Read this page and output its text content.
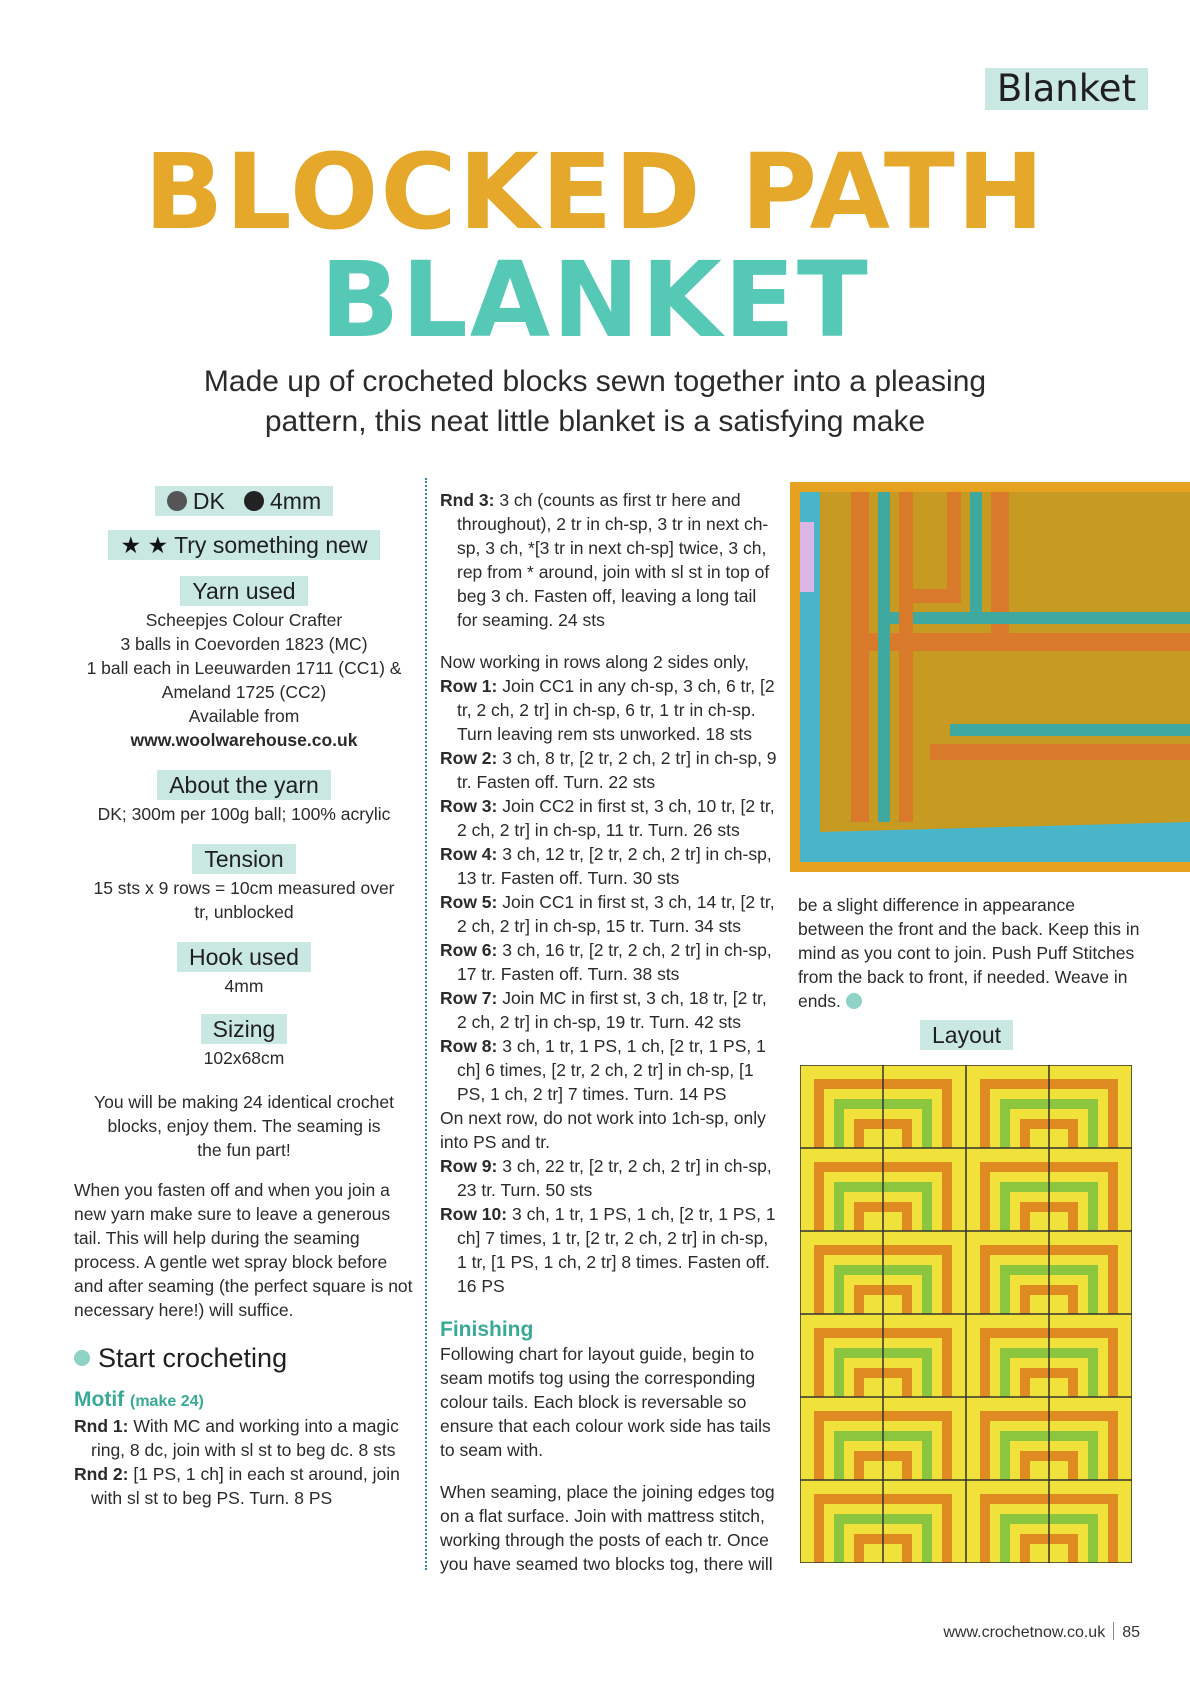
Blanket
BLOCKED PATH
BLANKET
Made up of crocheted blocks sewn together into a pleasing
pattern, this neat little blanket is a satisfying make
DK 4mm
★ ★ Try something new
Yarn used
Scheepjes Colour Crafter
3 balls in Coevorden 1823 (MC)
1 ball each in Leeuwarden 1711 (CC1) &
Ameland 1725 (CC2)
Available from
www.woolwarehouse.co.uk
About the yarn
DK; 300m per 100g ball; 100% acrylic
Tension
15 sts x 9 rows = 10cm measured over
tr, unblocked
Hook used
4mm
Sizing
102x68cm
You will be making 24 identical crochet blocks, enjoy them. The seaming is the fun part!
When you fasten off and when you join a new yarn make sure to leave a generous tail. This will help during the seaming process. A gentle wet spray block before and after seaming (the perfect square is not necessary here!) will suffice.
Start crocheting
Motif (make 24)
Rnd 1: With MC and working into a magic ring, 8 dc, join with sl st to beg dc. 8 sts
Rnd 2: [1 PS, 1 ch] in each st around, join with sl st to beg PS. Turn. 8 PS
Rnd 3: 3 ch (counts as first tr here and throughout), 2 tr in ch-sp, 3 tr in next ch-sp, 3 ch, *[3 tr in next ch-sp] twice, 3 ch, rep from * around, join with sl st in top of beg 3 ch. Fasten off, leaving a long tail for seaming. 24 sts
Now working in rows along 2 sides only,
Row 1: Join CC1 in any ch-sp, 3 ch, 6 tr, [2 tr, 2 ch, 2 tr] in ch-sp, 6 tr, 1 tr in ch-sp. Turn leaving rem sts unworked. 18 sts
Row 2: 3 ch, 8 tr, [2 tr, 2 ch, 2 tr] in ch-sp, 9 tr. Fasten off. Turn. 22 sts
Row 3: Join CC2 in first st, 3 ch, 10 tr, [2 tr, 2 ch, 2 tr] in ch-sp, 11 tr. Turn. 26 sts
Row 4: 3 ch, 12 tr, [2 tr, 2 ch, 2 tr] in ch-sp, 13 tr. Fasten off. Turn. 30 sts
Row 5: Join CC1 in first st, 3 ch, 14 tr, [2 tr, 2 ch, 2 tr] in ch-sp, 15 tr. Turn. 34 sts
Row 6: 3 ch, 16 tr, [2 tr, 2 ch, 2 tr] in ch-sp, 17 tr. Fasten off. Turn. 38 sts
Row 7: Join MC in first st, 3 ch, 18 tr, [2 tr, 2 ch, 2 tr] in ch-sp, 19 tr. Turn. 42 sts
Row 8: 3 ch, 1 tr, 1 PS, 1 ch, [2 tr, 1 PS, 1 ch] 6 times, [2 tr, 2 ch, 2 tr] in ch-sp, [1 PS, 1 ch, 2 tr] 7 times. Turn. 14 PS
On next row, do not work into 1ch-sp, only into PS and tr.
Row 9: 3 ch, 22 tr, [2 tr, 2 ch, 2 tr] in ch-sp, 23 tr. Turn. 50 sts
Row 10: 3 ch, 1 tr, 1 PS, 1 ch, [2 tr, 1 PS, 1 ch] 7 times, 1 tr, [2 tr, 2 ch, 2 tr] in ch-sp, 1 tr, [1 PS, 1 ch, 2 tr] 8 times. Fasten off. 16 PS
Finishing
Following chart for layout guide, begin to seam motifs tog using the corresponding colour tails. Each block is reversable so ensure that each colour work side has tails to seam with.
When seaming, place the joining edges tog on a flat surface. Join with mattress stitch, working through the posts of each tr. Once you have seamed two blocks tog, there will
be a slight difference in appearance between the front and the back. Keep this in mind as you cont to join. Push Puff Stitches from the back to front, if needed. Weave in ends.
Layout
www.crochetnow.co.uk 85
